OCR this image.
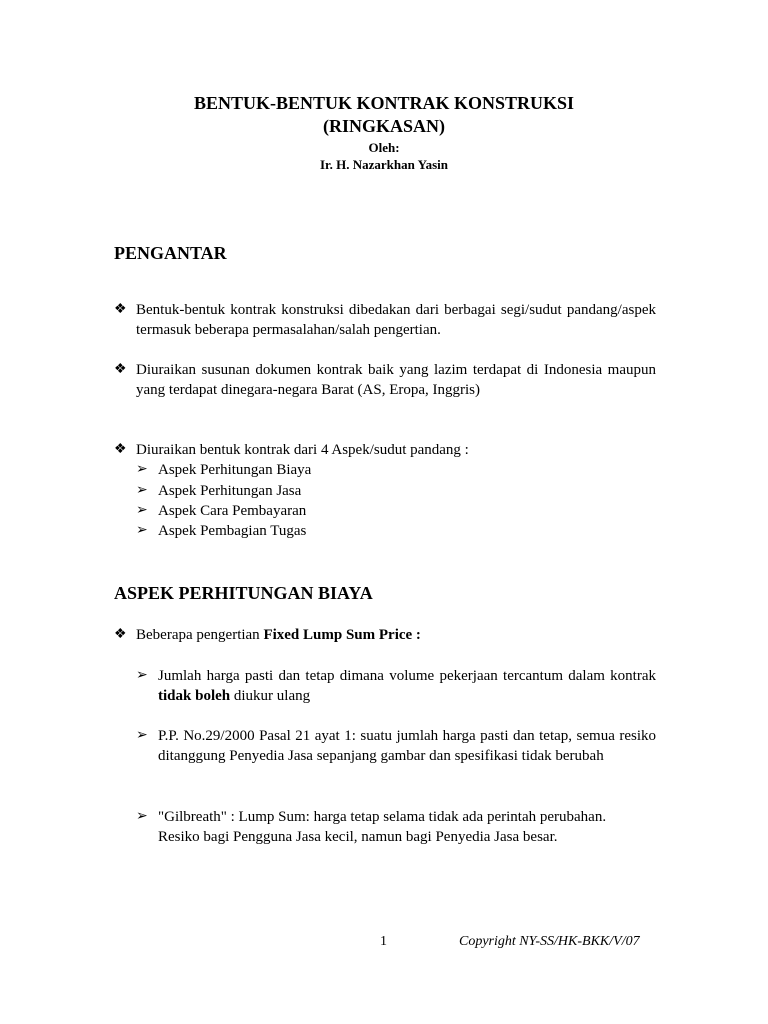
BENTUK-BENTUK KONTRAK KONSTRUKSI
(RINGKASAN)
Oleh:
Ir. H. Nazarkhan Yasin
PENGANTAR
❖ Bentuk-bentuk kontrak konstruksi dibedakan dari berbagai segi/sudut pandang/aspek termasuk beberapa permasalahan/salah pengertian.
❖ Diuraikan susunan dokumen kontrak baik yang lazim terdapat di Indonesia maupun yang terdapat dinegara-negara Barat (AS, Eropa, Inggris)
❖ Diuraikan bentuk kontrak dari 4 Aspek/sudut pandang :
➢ Aspek Perhitungan Biaya
➢ Aspek Perhitungan Jasa
➢ Aspek Cara Pembayaran
➢ Aspek Pembagian Tugas
ASPEK PERHITUNGAN BIAYA
❖ Beberapa pengertian Fixed Lump Sum Price :
➢ Jumlah harga pasti dan tetap dimana volume pekerjaan tercantum dalam kontrak tidak boleh diukur ulang
➢ P.P. No.29/2000 Pasal 21 ayat 1: suatu jumlah harga pasti dan tetap, semua resiko ditanggung Penyedia Jasa sepanjang gambar dan spesifikasi tidak berubah
➢ "Gilbreath" : Lump Sum: harga tetap selama tidak ada perintah perubahan.
Resiko bagi Pengguna Jasa kecil, namun bagi Penyedia Jasa besar.
1	Copyright NY-SS/HK-BKK/V/07
